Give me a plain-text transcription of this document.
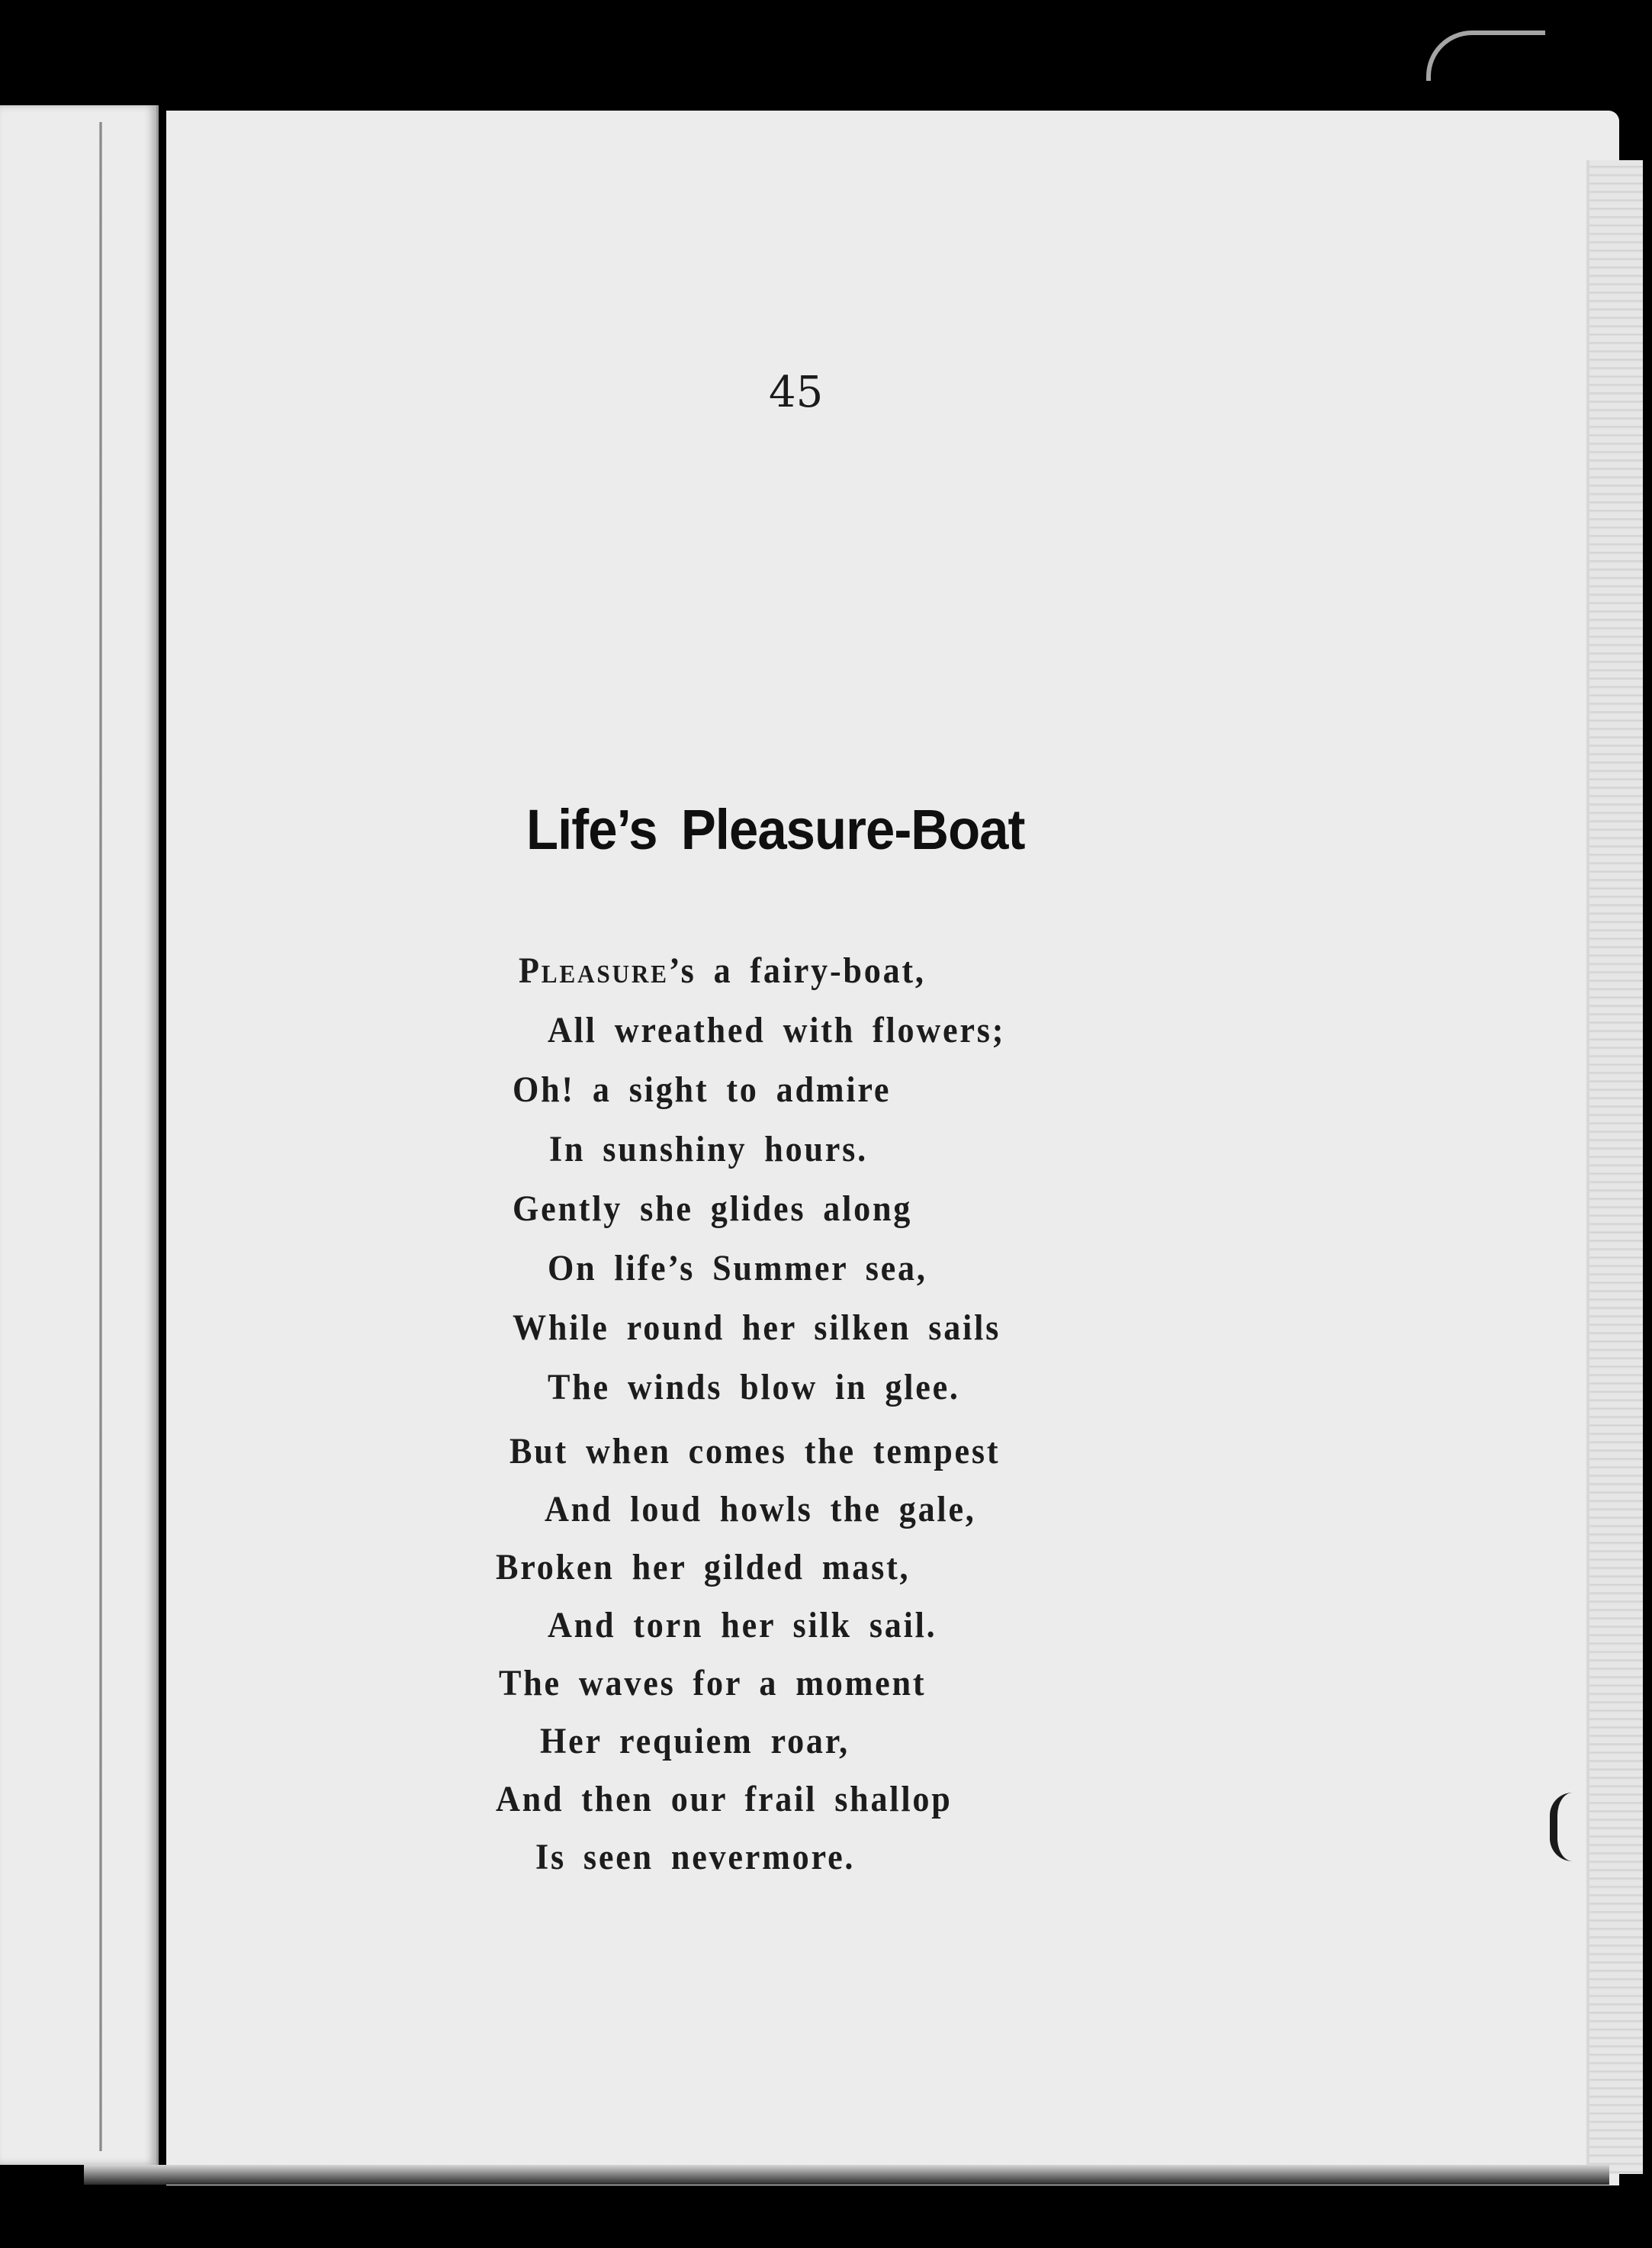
45

Life’s Pleasure-Boat
Pleasure’s a fairy-boat,
All wreathed with flowers;
Oh! a sight to admire
In sunshiny hours.
Gently she glides along
On life’s Summer sea,
While round her silken sails
The winds blow in glee.
But when comes the tempest
And loud howls the gale,
Broken her gilded mast,
And torn her silk sail.
The waves for a moment
Her requiem roar,
And then our frail shallop
Is seen nevermore.
